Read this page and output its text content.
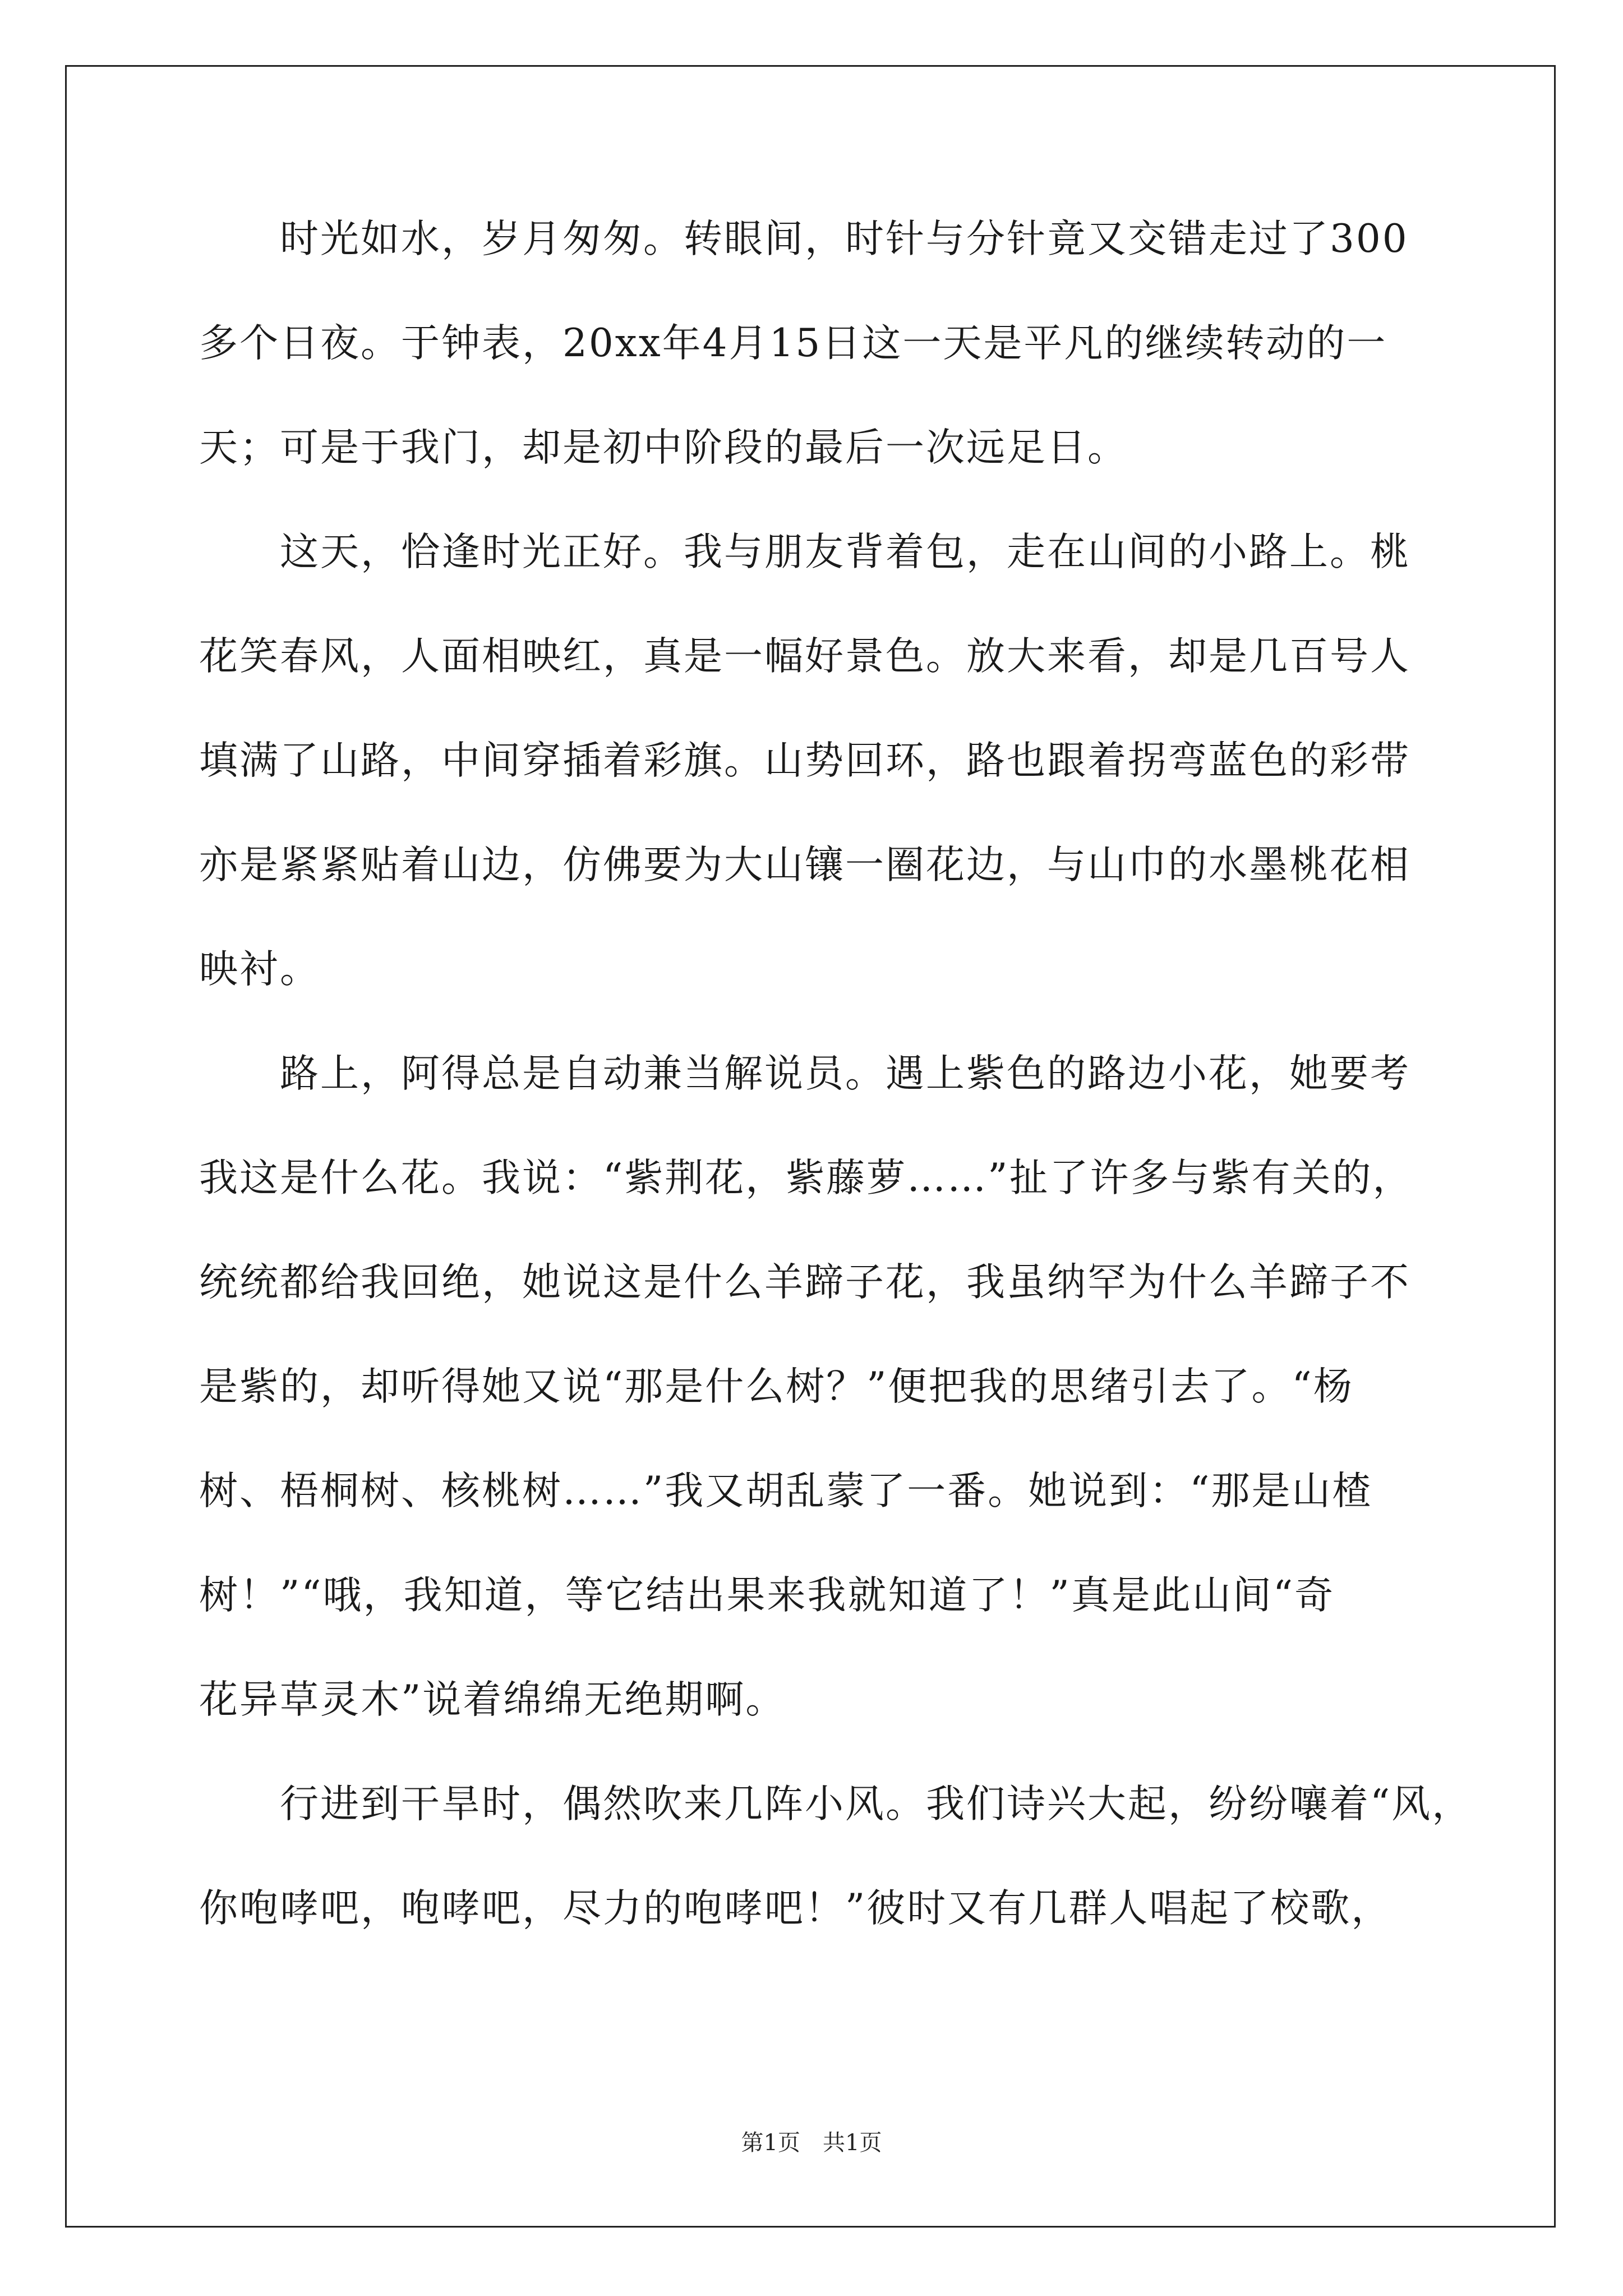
　　时光如水，岁月匆匆。转眼间，时针与分针竟又交错走过了300
多个日夜。于钟表，20xx年4月15日这一天是平凡的继续转动的一
天；可是于我门，却是初中阶段的最后一次远足日。
　　这天，恰逢时光正好。我与朋友背着包，走在山间的小路上。桃
花笑春风，人面相映红，真是一幅好景色。放大来看，却是几百号人
填满了山路，中间穿插着彩旗。山势回环，路也跟着拐弯蓝色的彩带
亦是紧紧贴着山边，仿佛要为大山镶一圈花边，与山巾的水墨桃花相
映衬。
　　路上，阿得总是自动兼当解说员。遇上紫色的路边小花，她要考
我这是什么花。我说：“紫荆花，紫藤萝……”扯了许多与紫有关的，
统统都给我回绝，她说这是什么羊蹄子花，我虽纳罕为什么羊蹄子不
是紫的，却听得她又说“那是什么树？”便把我的思绪引去了。“杨
树、梧桐树、核桃树……”我又胡乱蒙了一番。她说到：“那是山楂
树！”“哦，我知道，等它结出果来我就知道了！”真是此山间“奇
花异草灵木”说着绵绵无绝期啊。
　　行进到干旱时，偶然吹来几阵小风。我们诗兴大起，纷纷嚷着“风，
你咆哮吧，咆哮吧，尽力的咆哮吧！”彼时又有几群人唱起了校歌，
第1页　共1页
